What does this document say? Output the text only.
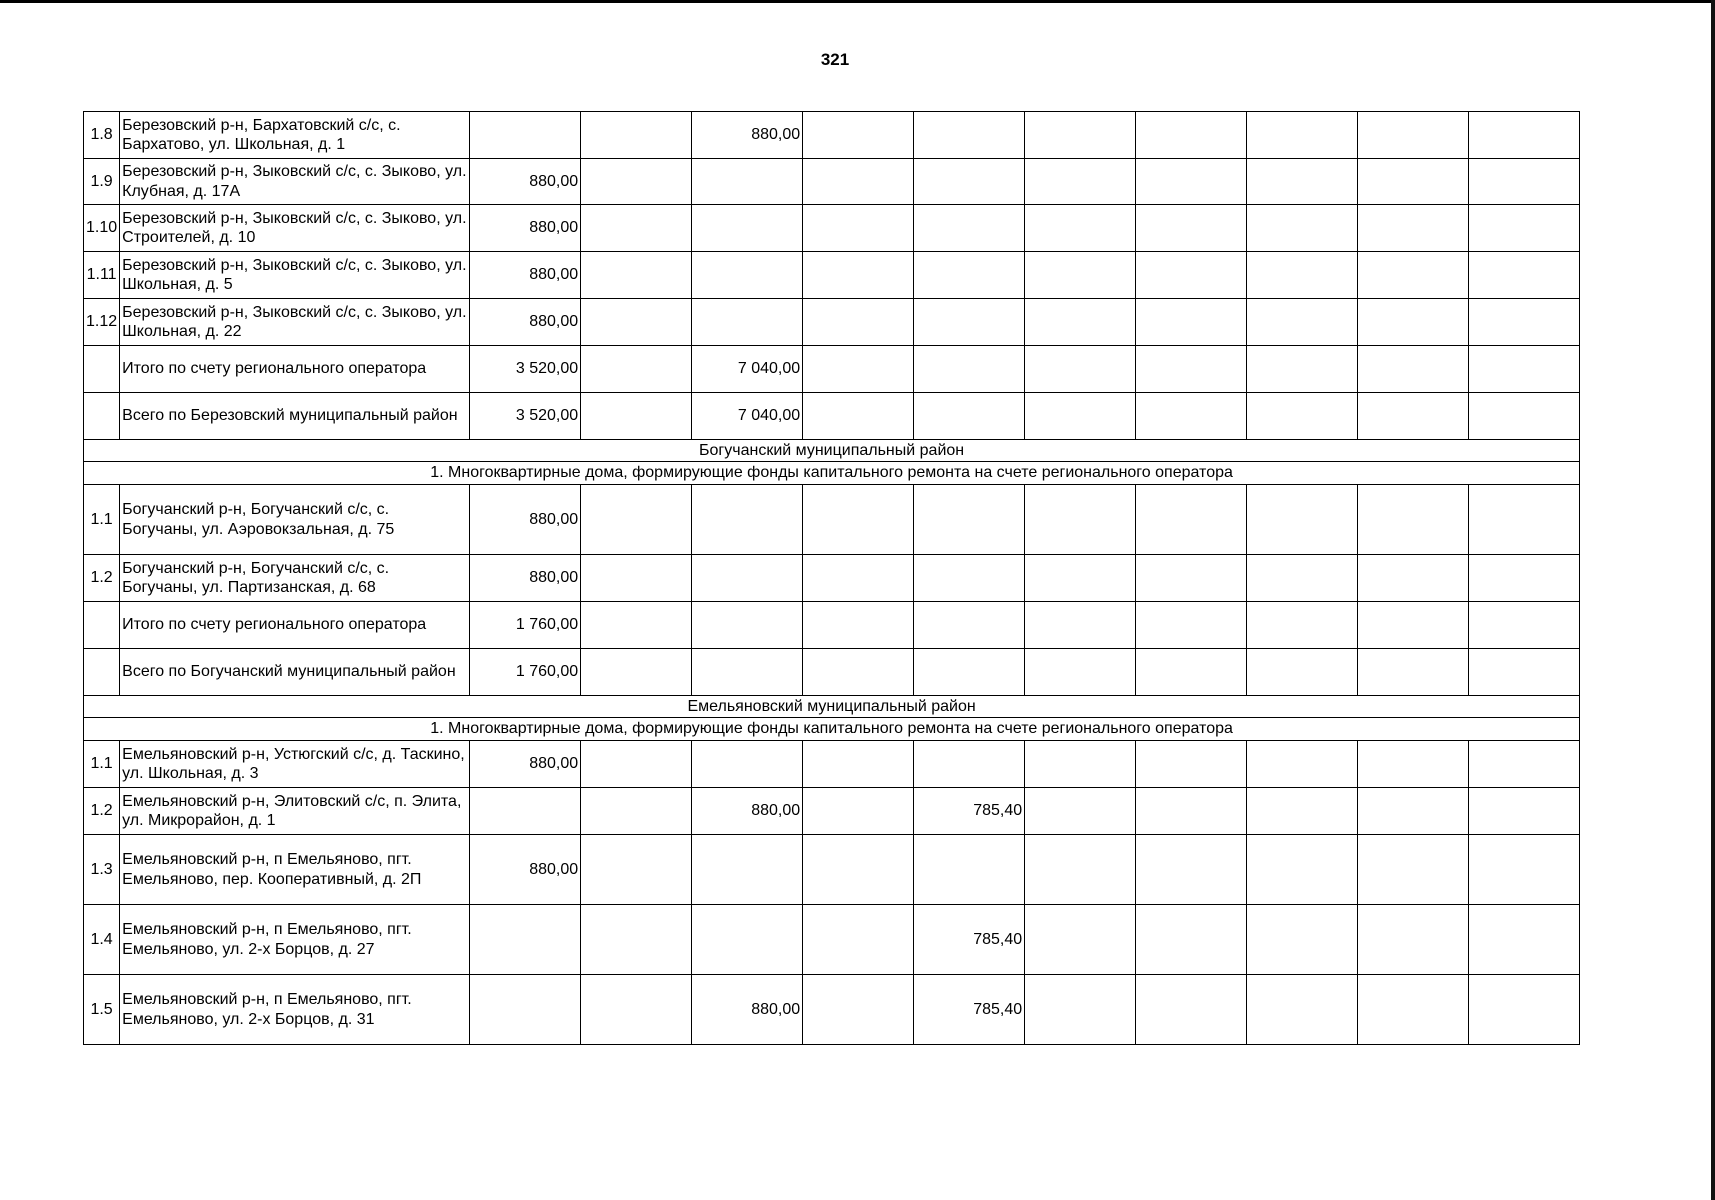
321
1.8	Березовский р-н, Бархатовский с/с, с. Бархатово, ул. Школьная, д. 1			880,00							
1.9	Березовский р-н, Зыковский с/с, с. Зыково, ул. Клубная, д. 17А	880,00									
1.10	Березовский р-н, Зыковский с/с, с. Зыково, ул. Строителей, д. 10	880,00									
1.11	Березовский р-н, Зыковский с/с, с. Зыково, ул. Школьная, д. 5	880,00									
1.12	Березовский р-н, Зыковский с/с, с. Зыково, ул. Школьная, д. 22	880,00									
	Итого по счету регионального оператора	3 520,00		7 040,00							
	Всего по Березовский муниципальный район	3 520,00		7 040,00							
Богучанский муниципальный район											
1. Многоквартирные дома, формирующие фонды капитального ремонта на счете регионального оператора											
1.1	Богучанский р-н, Богучанский с/с, с. Богучаны, ул. Аэровокзальная, д. 75	880,00									
1.2	Богучанский р-н, Богучанский с/с, с. Богучаны, ул. Партизанская, д. 68	880,00									
	Итого по счету регионального оператора	1 760,00									
	Всего по Богучанский муниципальный район	1 760,00									
Емельяновский муниципальный район											
1. Многоквартирные дома, формирующие фонды капитального ремонта на счете регионального оператора											
1.1	Емельяновский р-н, Устюгский с/с, д. Таскино, ул. Школьная, д. 3	880,00									
1.2	Емельяновский р-н, Элитовский с/с, п. Элита, ул. Микрорайон, д. 1			880,00		785,40					
1.3	Емельяновский р-н, п Емельяново, пгт. Емельяново, пер. Кооперативный, д. 2П	880,00									
1.4	Емельяновский р-н, п Емельяново, пгт. Емельяново, ул. 2-х Борцов, д. 27					785,40					
1.5	Емельяновский р-н, п Емельяново, пгт. Емельяново, ул. 2-х Борцов, д. 31			880,00		785,40					
